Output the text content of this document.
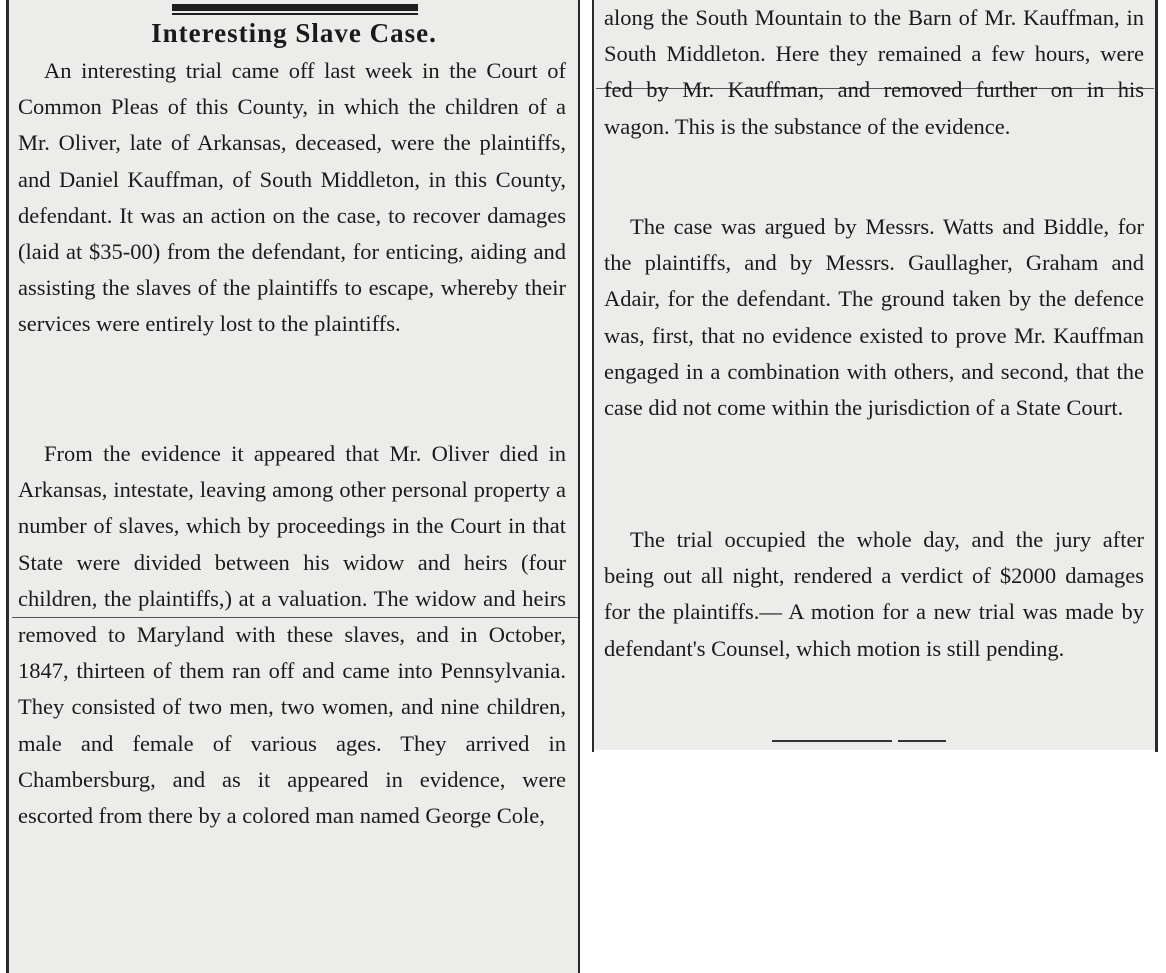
Interesting Slave Case.

An interesting trial came off last week in the Court of Common Pleas of this County, in which the children of a Mr. Oliver, late of Arkansas, deceased, were the plaintiffs, and Daniel Kauffman, of South Middleton, in this County, defendant. It was an action on the case, to recover damages (laid at $35-00) from the defendant, for enticing, aiding and assisting the slaves of the plaintiffs to escape, whereby their services were entirely lost to the plaintiffs.

From the evidence it appeared that Mr. Oliver died in Arkansas, intestate, leaving among other personal property a number of slaves, which by proceedings in the Court in that State were divided between his widow and heirs (four children, the plaintiffs,) at a valuation. The widow and heirs removed to Maryland with these slaves, and in October, 1847, thirteen of them ran off and came into Pennsylvania. They consisted of two men, two women, and nine children, male and female of various ages. They arrived in Chambersburg, and as it appeared in evidence, were escorted from there by a colored man named George Cole,

along the South Mountain to the Barn of Mr. Kauffman, in South Middleton. Here they remained a few hours, were fed by Mr. Kauffman, and removed further on in his wagon. This is the substance of the evidence.

The case was argued by Messrs. Watts and Biddle, for the plaintiffs, and by Messrs. Gaullagher, Graham and Adair, for the defendant. The ground taken by the defence was, first, that no evidence existed to prove Mr. Kauffman engaged in a combination with others, and second, that the case did not come within the jurisdiction of a State Court.

The trial occupied the whole day, and the jury after being out all night, rendered a verdict of $2000 damages for the plaintiffs.— A motion for a new trial was made by defendant's Counsel, which motion is still pending.
